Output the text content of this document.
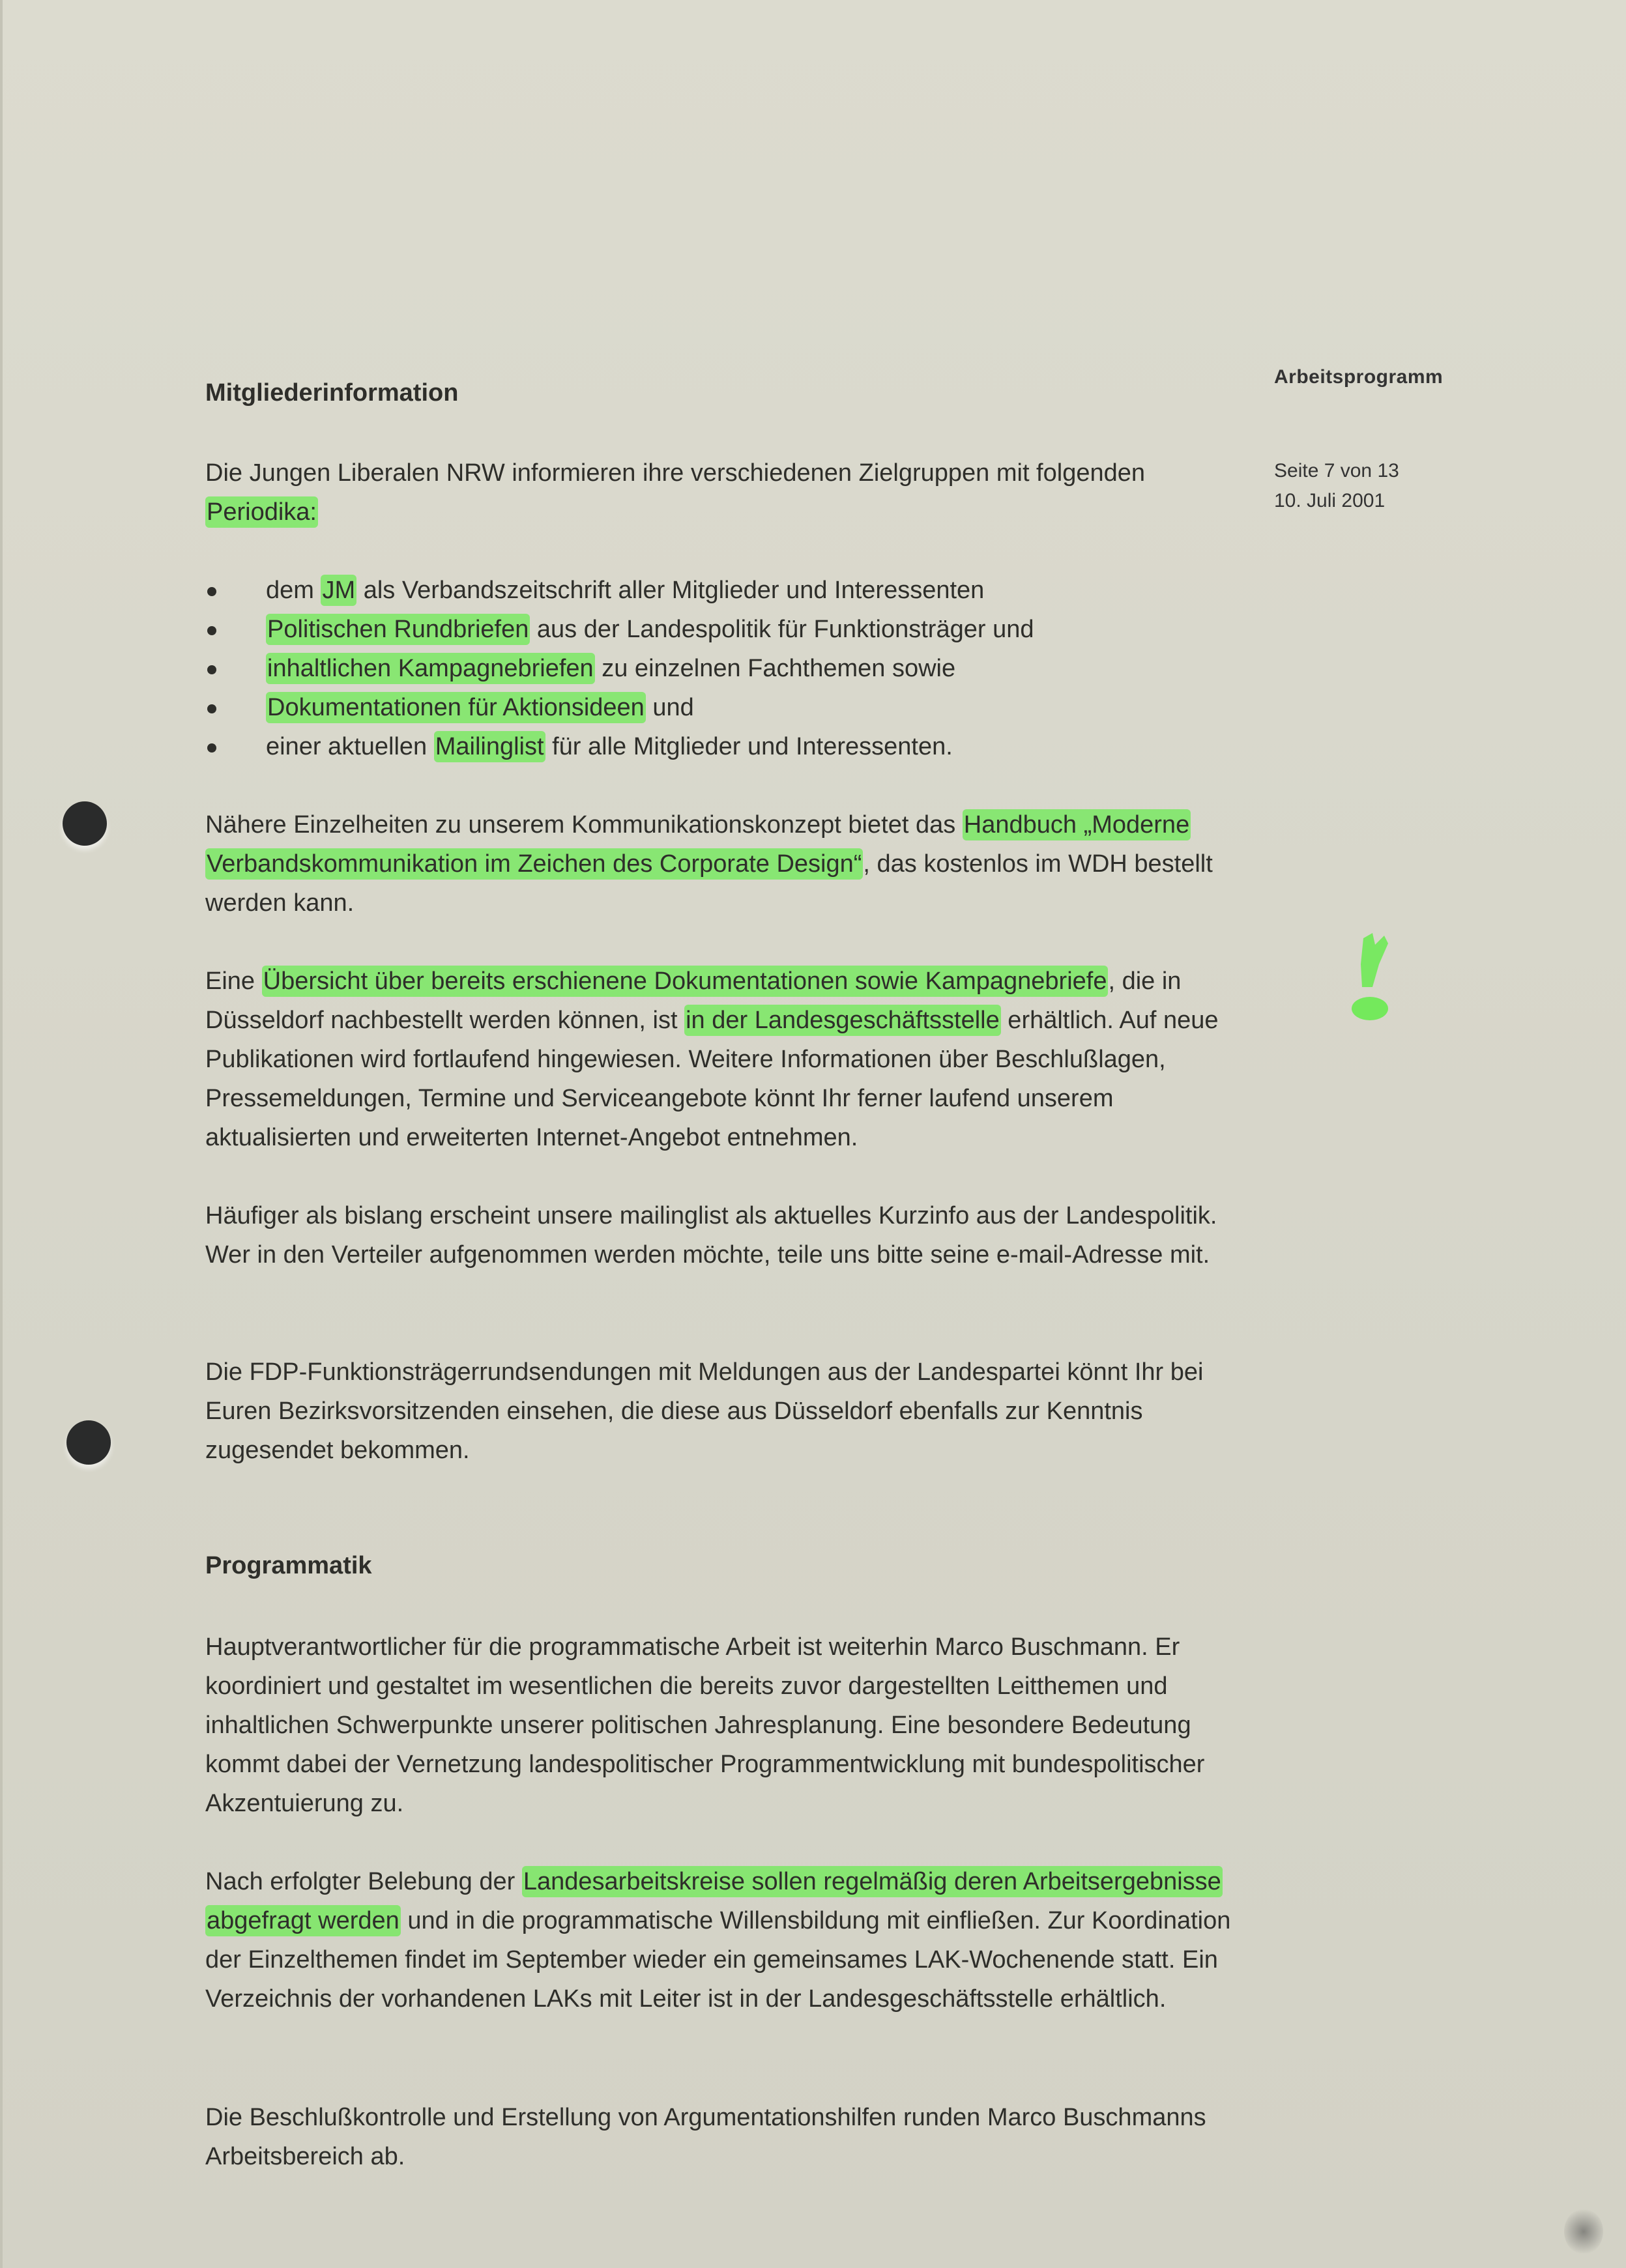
Arbeitsprogramm
Seite 7 von 13
10. Juli 2001
Mitgliederinformation

Die Jungen Liberalen NRW informieren ihre verschiedenen Zielgruppen mit folgenden Periodika:

dem JM als Verbandszeitschrift aller Mitglieder und Interessenten
Politischen Rundbriefen aus der Landespolitik für Funktionsträger und
inhaltlichen Kampagnebriefen zu einzelnen Fachthemen sowie
Dokumentationen für Aktionsideen und
einer aktuellen Mailinglist für alle Mitglieder und Interessenten.

Nähere Einzelheiten zu unserem Kommunikationskonzept bietet das Handbuch „Moderne Verbandskommunikation im Zeichen des Corporate Design“, das kostenlos im WDH bestellt werden kann.

Eine Übersicht über bereits erschienene Dokumentationen sowie Kampagnebriefe, die in Düsseldorf nachbestellt werden können, ist in der Landesgeschäftsstelle erhältlich. Auf neue Publikationen wird fortlaufend hingewiesen. Weitere Informationen über Beschlußlagen, Pressemeldungen, Termine und Serviceangebote könnt Ihr ferner laufend unserem aktualisierten und erweiterten Internet-Angebot entnehmen.

Häufiger als bislang erscheint unsere mailinglist als aktuelles Kurzinfo aus der Landespolitik. Wer in den Verteiler aufgenommen werden möchte, teile uns bitte seine e-mail-Adresse mit.

Die FDP-Funktionsträgerrundsendungen mit Meldungen aus der Landespartei könnt Ihr bei Euren Bezirksvorsitzenden einsehen, die diese aus Düsseldorf ebenfalls zur Kenntnis zugesendet bekommen.

Programmatik

Hauptverantwortlicher für die programmatische Arbeit ist weiterhin Marco Buschmann. Er koordiniert und gestaltet im wesentlichen die bereits zuvor dargestellten Leitthemen und inhaltlichen Schwerpunkte unserer politischen Jahresplanung. Eine besondere Bedeutung kommt dabei der Vernetzung landespolitischer Programmentwicklung mit bundespolitischer Akzentuierung zu.

Nach erfolgter Belebung der Landesarbeitskreise sollen regelmäßig deren Arbeitsergebnisse abgefragt werden und in die programmatische Willensbildung mit einfließen. Zur Koordination der Einzelthemen findet im September wieder ein gemeinsames LAK-Wochenende statt. Ein Verzeichnis der vorhandenen LAKs mit Leiter ist in der Landesgeschäftsstelle erhältlich.

Die Beschlußkontrolle und Erstellung von Argumentationshilfen runden Marco Buschmanns Arbeitsbereich ab.
